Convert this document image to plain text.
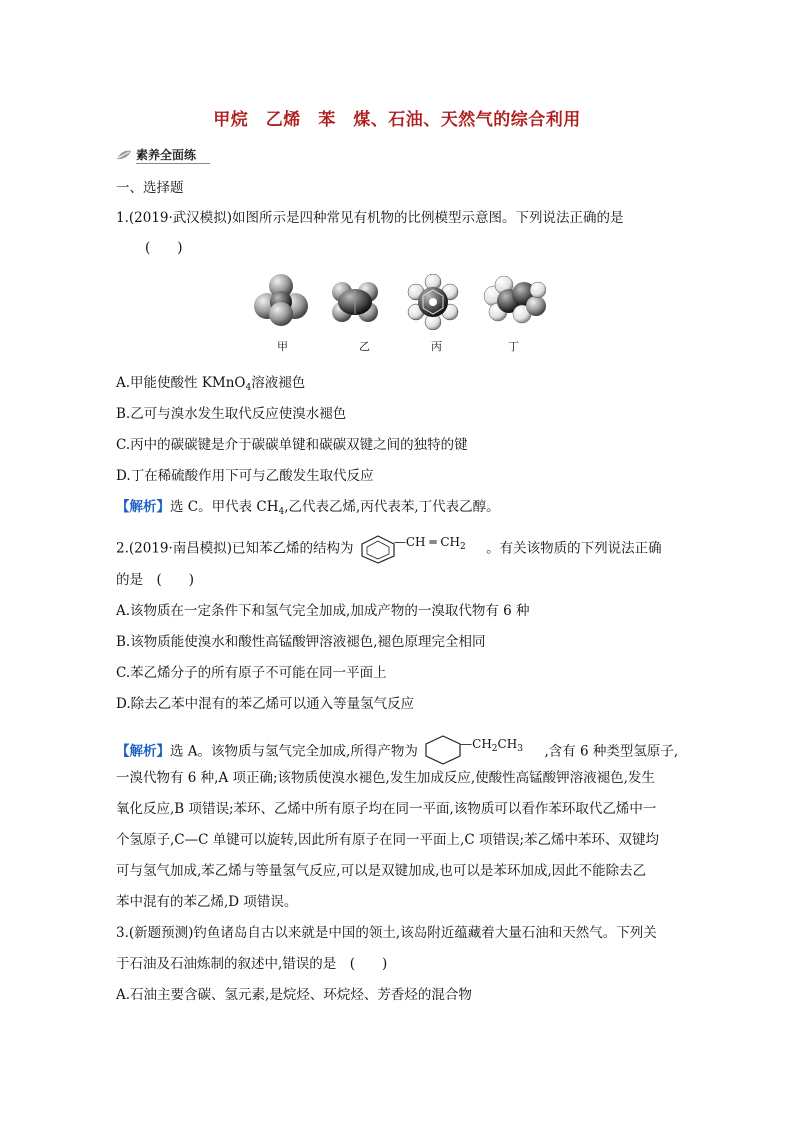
甲烷　乙烯　苯　煤、石油、天然气的综合利用
素养全面练
一、选择题
1.(2019·武汉模拟)如图所示是四种常见有机物的比例模型示意图。下列说法正确的是
(　　)
甲	乙	丙	丁
A.甲能使酸性 KMnO$_4$溶液褪色
B.乙可与溴水发生取代反应使溴水褪色
C.丙中的碳碳键是介于碳碳单键和碳碳双键之间的独特的键
D.丁在稀硫酸作用下可与乙酸发生取代反应
【解析】选 C。甲代表 $CH_4$,乙代表乙烯,丙代表苯,丁代表乙醇。
2.(2019·南昌模拟)已知苯乙烯的结构为	—CH ═ $CH_2$ 。有关该物质的下列说法正确
的是　(　　)
A.该物质在一定条件下和氢气完全加成,加成产物的一溴取代物有 6 种
B.该物质能使溴水和酸性高锰酸钾溶液褪色,褪色原理完全相同
C.苯乙烯分子的所有原子不可能在同一平面上
D.除去乙苯中混有的苯乙烯可以通入等量氢气反应
【解析】选 A。该物质与氢气完全加成,所得产物为	$—CH_2CH_3$ ,含有 6 种类型氢原子,
一溴代物有 6 种,A 项正确;该物质使溴水褪色,发生加成反应,使酸性高锰酸钾溶液褪色,发生
氧化反应,B 项错误;苯环、乙烯中所有原子均在同一平面,该物质可以看作苯环取代乙烯中一
个氢原子,C—C 单键可以旋转,因此所有原子在同一平面上,C 项错误;苯乙烯中苯环、双键均
可与氢气加成,苯乙烯与等量氢气反应,可以是双键加成,也可以是苯环加成,因此不能除去乙
苯中混有的苯乙烯,D 项错误。
3.(新题预测)钓鱼诸岛自古以来就是中国的领土,该岛附近蕴藏着大量石油和天然气。下列关
于石油及石油炼制的叙述中,错误的是　(　　)
A.石油主要含碳、氢元素,是烷烃、环烷烃、芳香烃的混合物
